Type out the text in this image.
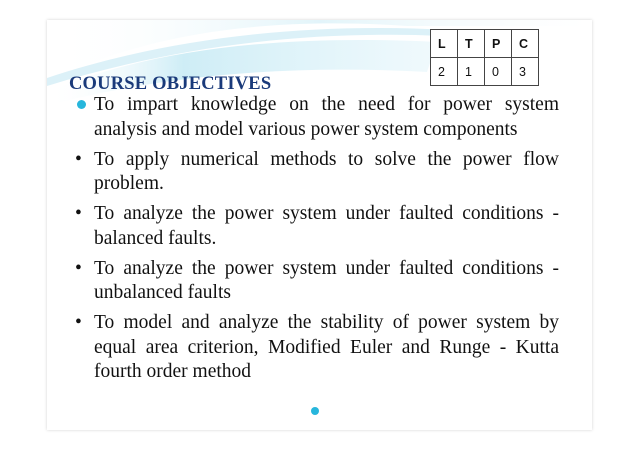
COURSE OBJECTIVES
L	T	P	C
2	1	0	3
To impart knowledge on the need for power system analysis and model various power system components
• To apply numerical methods to solve the power flow problem.
• To analyze the power system under faulted conditions - balanced faults.
• To analyze the power system under faulted conditions - unbalanced faults
• To model and analyze the stability of power system by equal area criterion, Modified Euler and Runge - Kutta fourth order method
